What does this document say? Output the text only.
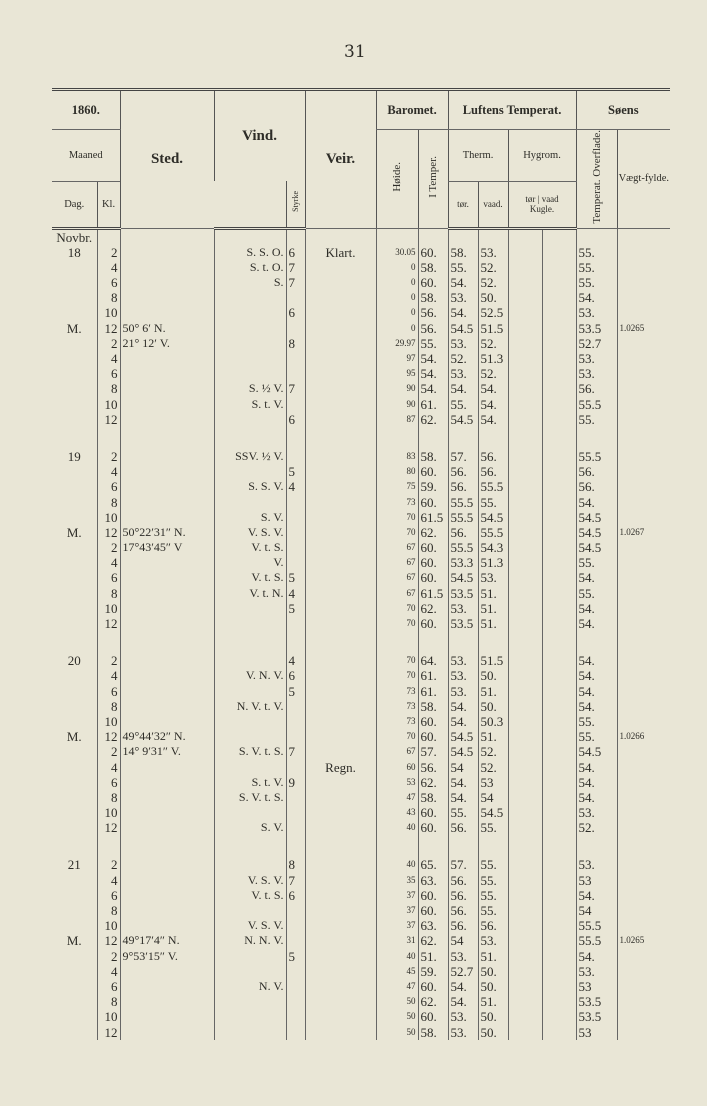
31
1860.		Sted.	Vind.		Veir.	Baromet.		Luftens Temperat.				Søens	
Maaned						Høide.	I Temper.	Therm.		Hygrom.		Temperat. Overflade.	Vægt-fylde.
Dag.	Kl.			Styrke				tør.	vaad.	tør | vaad
Kugle.			
Novbr.													
18	2		S. S. O.	6	Klart.	30.05	60.	58.	53.			55.	
	4		S. t. O.	7		0	58.	55.	52.			55.	
	6		S.	7		0	60.	54.	52.			55.	
	8					0	58.	53.	50.			54.	
	10			6		0	56.	54.	52.5			53.	
M.	12	50° 6′ N.				0	56.	54.5	51.5			53.5	1.0265
	2	21° 12′ V.		8		29.97	55.	53.	52.			52.7	
	4					97	54.	52.	51.3			53.	
	6					95	54.	53.	52.			53.	
	8		S. ½ V.	7		90	54.	54.	54.			56.	
	10		S. t. V.			90	61.	55.	54.			55.5	
	12			6		87	62.	54.5	54.			55.	

19	2		SSV. ½ V.			83	58.	57.	56.			55.5	
	4			5		80	60.	56.	56.			56.	
	6		S. S. V.	4		75	59.	56.	55.5			56.	
	8					73	60.	55.5	55.			54.	
	10		S. V.			70	61.5	55.5	54.5			54.5	
M.	12	50°22′31″ N.	V. S. V.			70	62.	56.	55.5			54.5	1.0267
	2	17°43′45″ V	V. t. S.			67	60.	55.5	54.3			54.5	
	4		V.			67	60.	53.3	51.3			55.	
	6		V. t. S.	5		67	60.	54.5	53.			54.	
	8		V. t. N.	4		67	61.5	53.5	51.			55.	
	10			5		70	62.	53.	51.			54.	
	12					70	60.	53.5	51.			54.	

20	2			4		70	64.	53.	51.5			54.	
	4		V. N. V.	6		70	61.	53.	50.			54.	
	6			5		73	61.	53.	51.			54.	
	8		N. V. t. V.			73	58.	54.	50.			54.	
	10					73	60.	54.	50.3			55.	
M.	12	49°44′32″ N.				70	60.	54.5	51.			55.	1.0266
	2	14° 9′31″ V.	S. V. t. S.	7		67	57.	54.5	52.			54.5	
	4				Regn.	60	56.	54	52.			54.	
	6		S. t. V.	9		53	62.	54.	53			54.	
	8		S. V. t. S.			47	58.	54.	54			54.	
	10					43	60.	55.	54.5			53.	
	12		S. V.			40	60.	56.	55.			52.	

21	2			8		40	65.	57.	55.			53.	
	4		V. S. V.	7		35	63.	56.	55.			53	
	6		V. t. S.	6		37	60.	56.	55.			54.	
	8					37	60.	56.	55.			54	
	10		V. S. V.			37	63.	56.	56.			55.5	
M.	12	49°17′4″ N.	N. N. V.			31	62.	54	53.			55.5	1.0265
	2	9°53′15″ V.		5		40	51.	53.	51.			54.	
	4					45	59.	52.7	50.			53.	
	6		N. V.			47	60.	54.	50.			53	
	8					50	62.	54.	51.			53.5	
	10					50	60.	53.	50.			53.5	
	12					50	58.	53.	50.			53	
